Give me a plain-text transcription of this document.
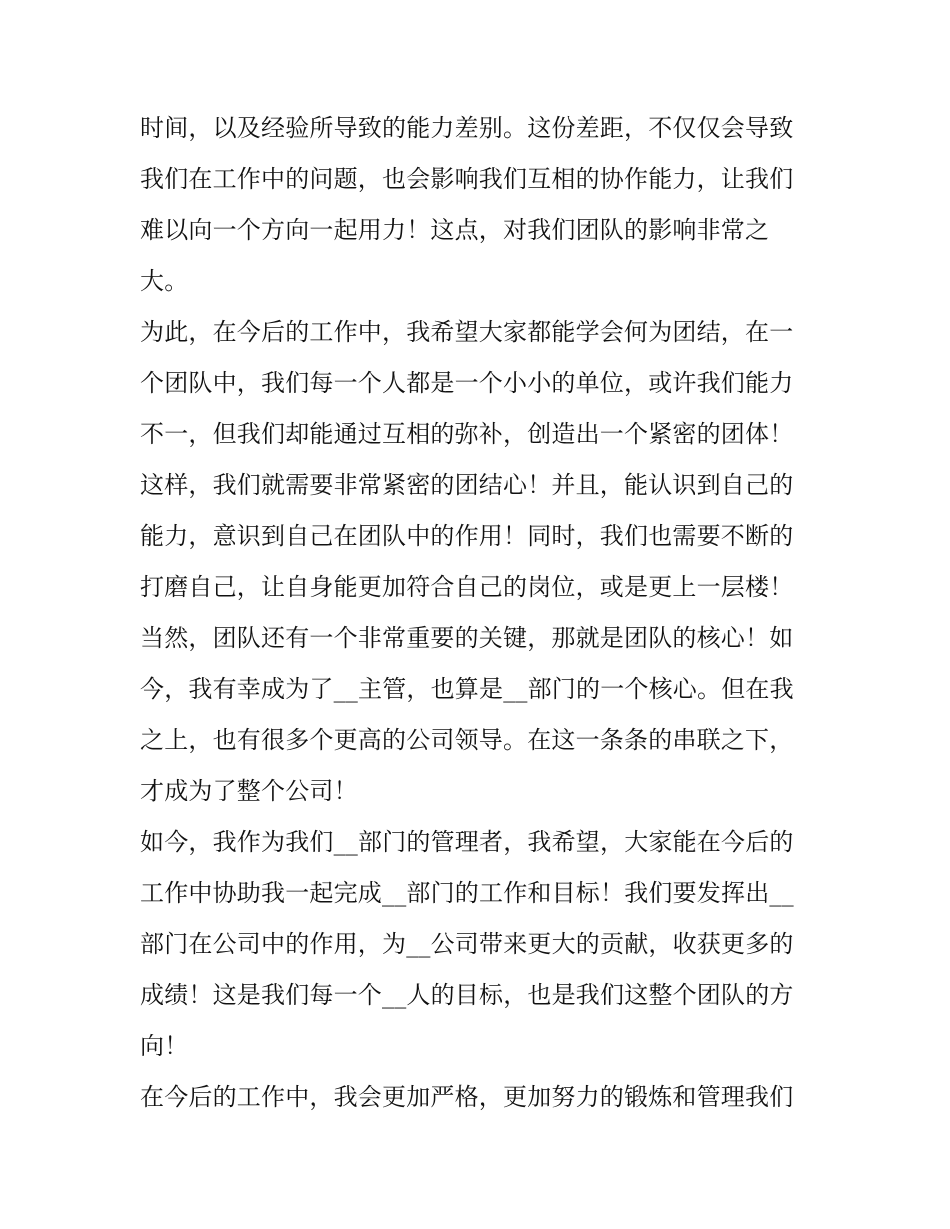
时间，以及经验所导致的能力差别。这份差距，不仅仅会导致
我们在工作中的问题，也会影响我们互相的协作能力，让我们
难以向一个方向一起用力！这点，对我们团队的影响非常之
大。
为此，在今后的工作中，我希望大家都能学会何为团结，在一
个团队中，我们每一个人都是一个小小的单位，或许我们能力
不一，但我们却能通过互相的弥补，创造出一个紧密的团体！
这样，我们就需要非常紧密的团结心！并且，能认识到自己的
能力，意识到自己在团队中的作用！同时，我们也需要不断的
打磨自己，让自身能更加符合自己的岗位，或是更上一层楼！
当然，团队还有一个非常重要的关键，那就是团队的核心！如
今，我有幸成为了__主管，也算是__部门的一个核心。但在我
之上，也有很多个更高的公司领导。在这一条条的串联之下，
才成为了整个公司！
如今，我作为我们__部门的管理者，我希望，大家能在今后的
工作中协助我一起完成__部门的工作和目标！我们要发挥出__
部门在公司中的作用，为__公司带来更大的贡献，收获更多的
成绩！这是我们每一个__人的目标，也是我们这整个团队的方
向！
在今后的工作中，我会更加严格，更加努力的锻炼和管理我们
